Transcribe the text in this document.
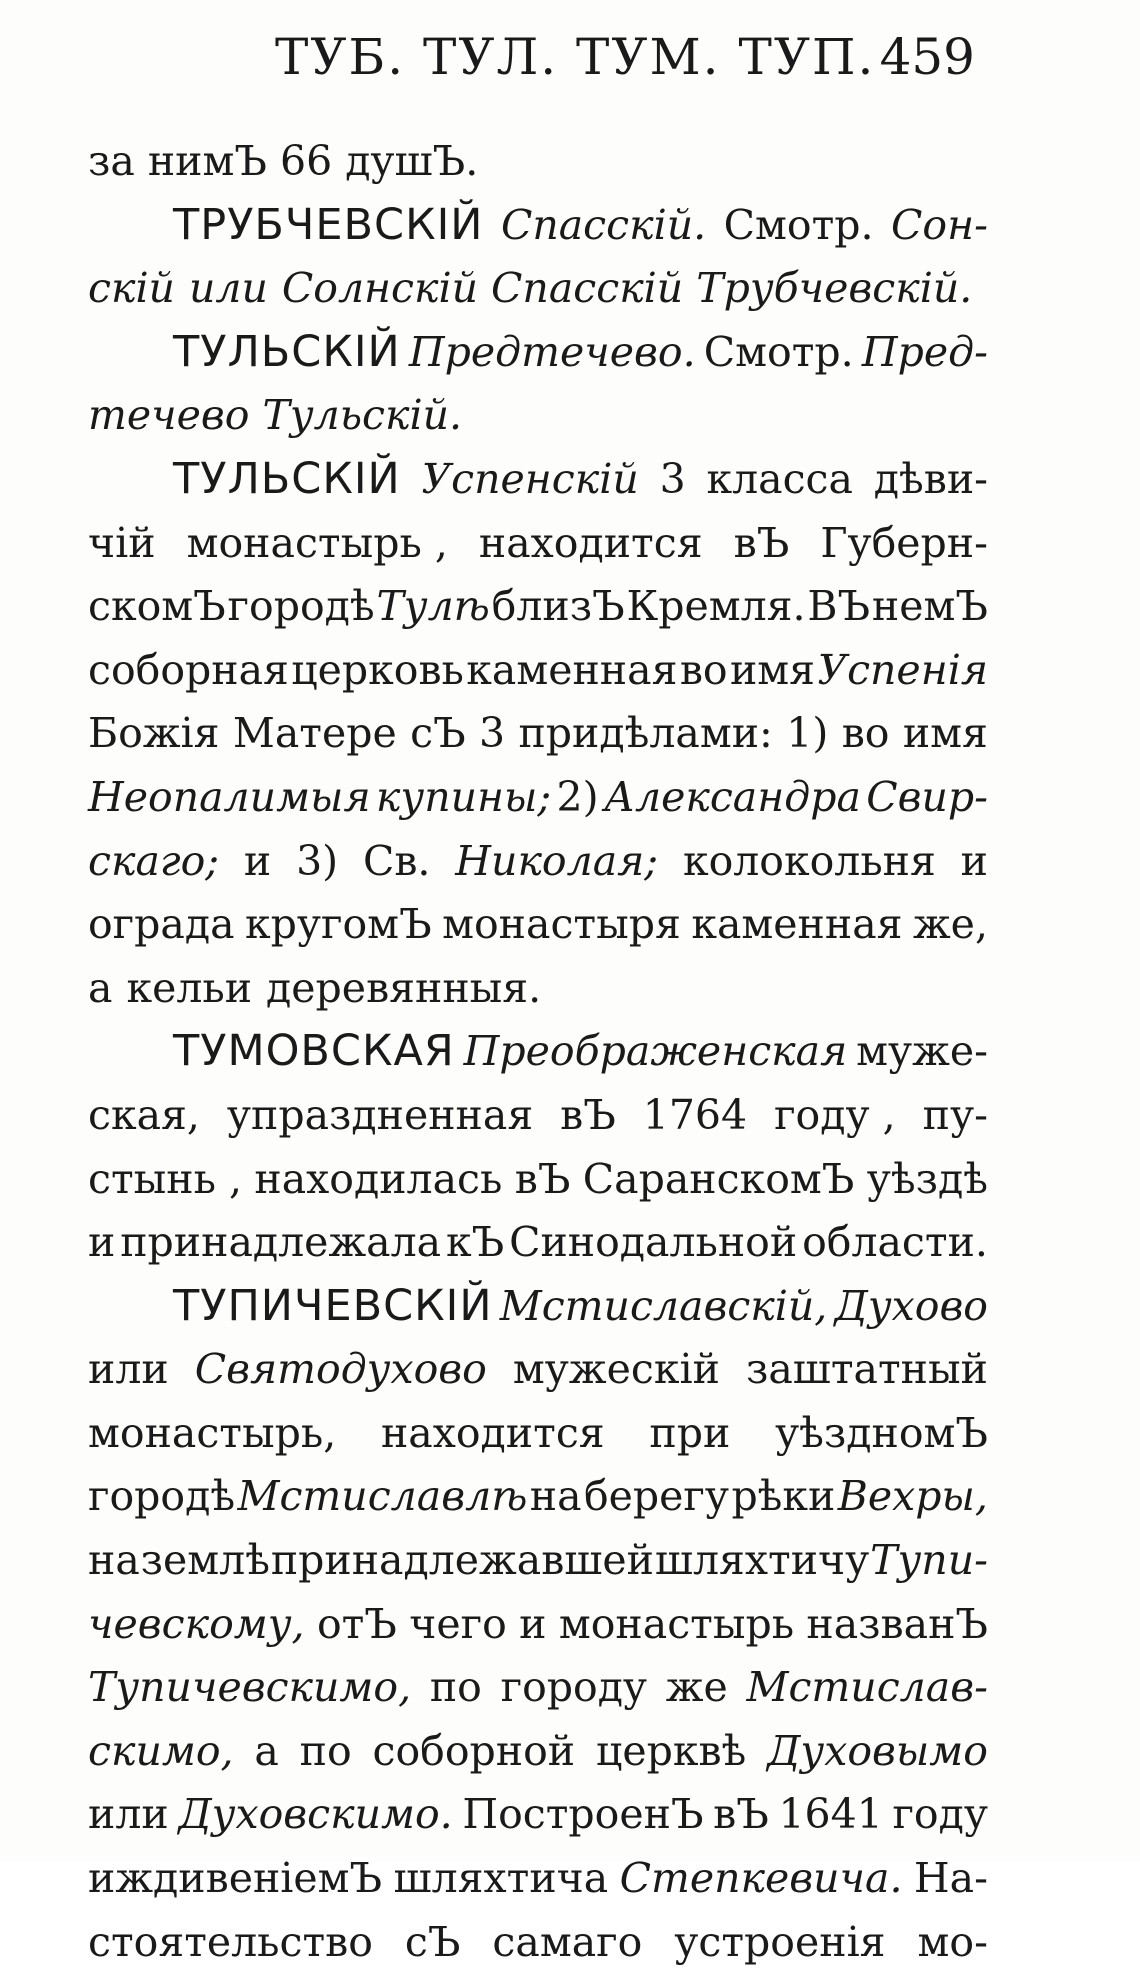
ТУБ. ТУЛ. ТУМ. ТУП. 459
за нимЪ 66 душЪ.
ТРУБЧЕВСКІЙ Спасскій. Смотр. Сон-
скій или Солнскій Спасскій Трубчевскій.
ТУЛЬСКІЙ Предтечево. Смотр. Пред-
течево Тульскій.
ТУЛЬСКІЙ Успенскій 3 класса дѣви-
чій монастырь , находится вЪ Губерн-
скомЪ городѣ Тулѣ близЪ Кремля. ВЪ немЪ
соборная церковь каменная во имя Успенія
Божія Матере сЪ 3 придѣлами: 1) во имя
Неопалимыя купины; 2) Александра Свир-
скаго; и 3) Св. Николая; колокольня и
ограда кругомЪ монастыря каменная же,
а кельи деревянныя.
ТУМОВСКАЯ Преображенская муже-
ская, упраздненная вЪ 1764 году , пу-
стынь , находилась вЪ СаранскомЪ уѣздѣ
и принадлежала кЪ Синодальной области.
ТУПИЧЕВСКІЙ Мстиславскій, Духово
или Святодухово мужескій заштатный
монастырь, находится при уѣздномЪ
городѣ Мстиславлѣ на берегу рѣки Вехры,
на землѣ принадлежавшей шляхтичу Тупи-
чевскому, отЪ чего и монастырь названЪ
Тупичевскимо, по городу же Мстислав-
скимо, а по соборной церквѣ Духовымо
или Духовскимо. ПостроенЪ вЪ 1641 году
иждивеніемЪ шляхтича Степкевича. На-
стоятельство сЪ самаго устроенія мо-
